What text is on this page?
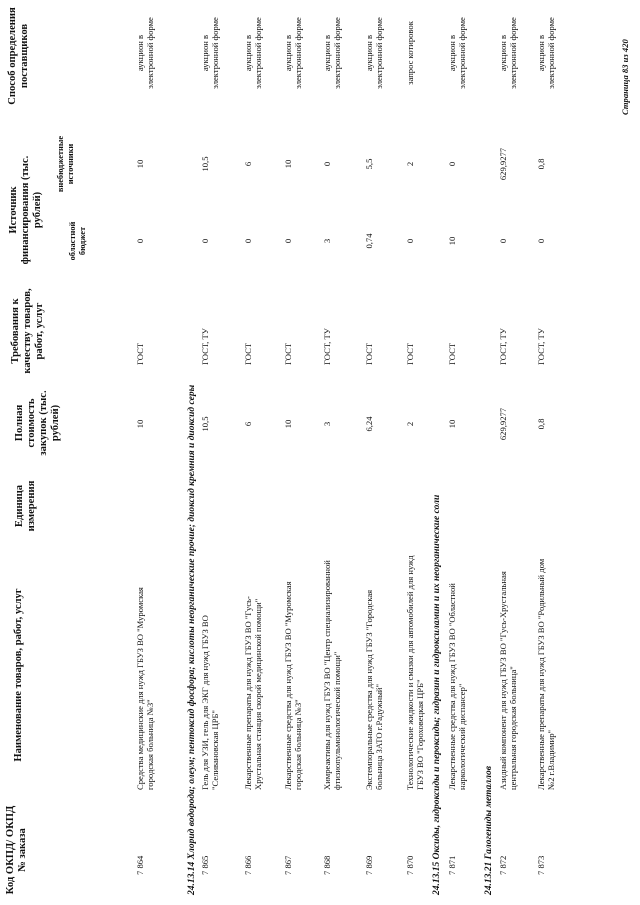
Код ОКПД/ ОКПД № заказа
Наименование товаров, работ, услуг
Единица измерения
Полная стоимость закупок (тыс. рублей)
Требования к качеству товаров, работ, услуг
Источник финансирования (тыс. рублей)
областной бюджет
внебюджетные источники
Способ определения поставщиков
7 864
Средства медицинские для нужд ГБУЗ ВО "Муромская городская больница №3"
10
ГОСТ
0
10
аукцион в электронной форме
24.13.14 Хлорид водорода; олеум; пентоксид фосфора; кислоты неорганические прочие; диоксид кремния и диоксид серы 7 865
Гель для УЗИ, гель для ЭКГ для нужд ГБУЗ ВО "Селивановская ЦРБ"
10,5
ГОСТ, ТУ
0
10,5
аукцион в электронной форме
7 866
Лекарственные препараты для нужд ГБУЗ ВО "Гусь-Хрустальная станция скорой медицинской помощи"
6
ГОСТ
0
6
аукцион в электронной форме
7 867
Лекарственные средства для нужд ГБУЗ ВО "Муромская городская больница №3"
10
ГОСТ
0
10
аукцион в электронной форме
7 868
Химреактивы для нужд ГБУЗ ВО "Центр специализированной фтизиопульмонологической помощи"
3
ГОСТ, ТУ
3
0
аукцион в электронной форме
7 869
Экстемпоральные средства для нужд ГБУЗ "Городская больница ЗАТО г.Радужный"
6,24
ГОСТ
0,74
5,5
аукцион в электронной форме
7 870
Технологические жидкости и смазки для автомобилей для нужд ГБУЗ ВО "Гороховецкая ЦРБ"
2
ГОСТ
0
2
запрос котировок
24.13.15 Оксиды, гидроксиды и пероксиды; гидразин и гидроксиламин и их неорганические соли 7 871
Лекарственные средства для нужд ГБУЗ ВО "Областной наркологический диспансер"
10
ГОСТ
10
0
аукцион в электронной форме
24.13.21 Галогениды металлов 7 872
Азидный компонент для нужд ГБУЗ ВО "Гусь-Хрустальная центральная городская больница"
629,9277
ГОСТ, ТУ
0
629,9277
аукцион в электронной форме
7 873
Лекарственные препараты для нужд ГБУЗ ВО "Родильный дом №2 г.Владимир"
0,8
ГОСТ, ТУ
0
0,8
аукцион в электронной форме	Страница 83 из 420
